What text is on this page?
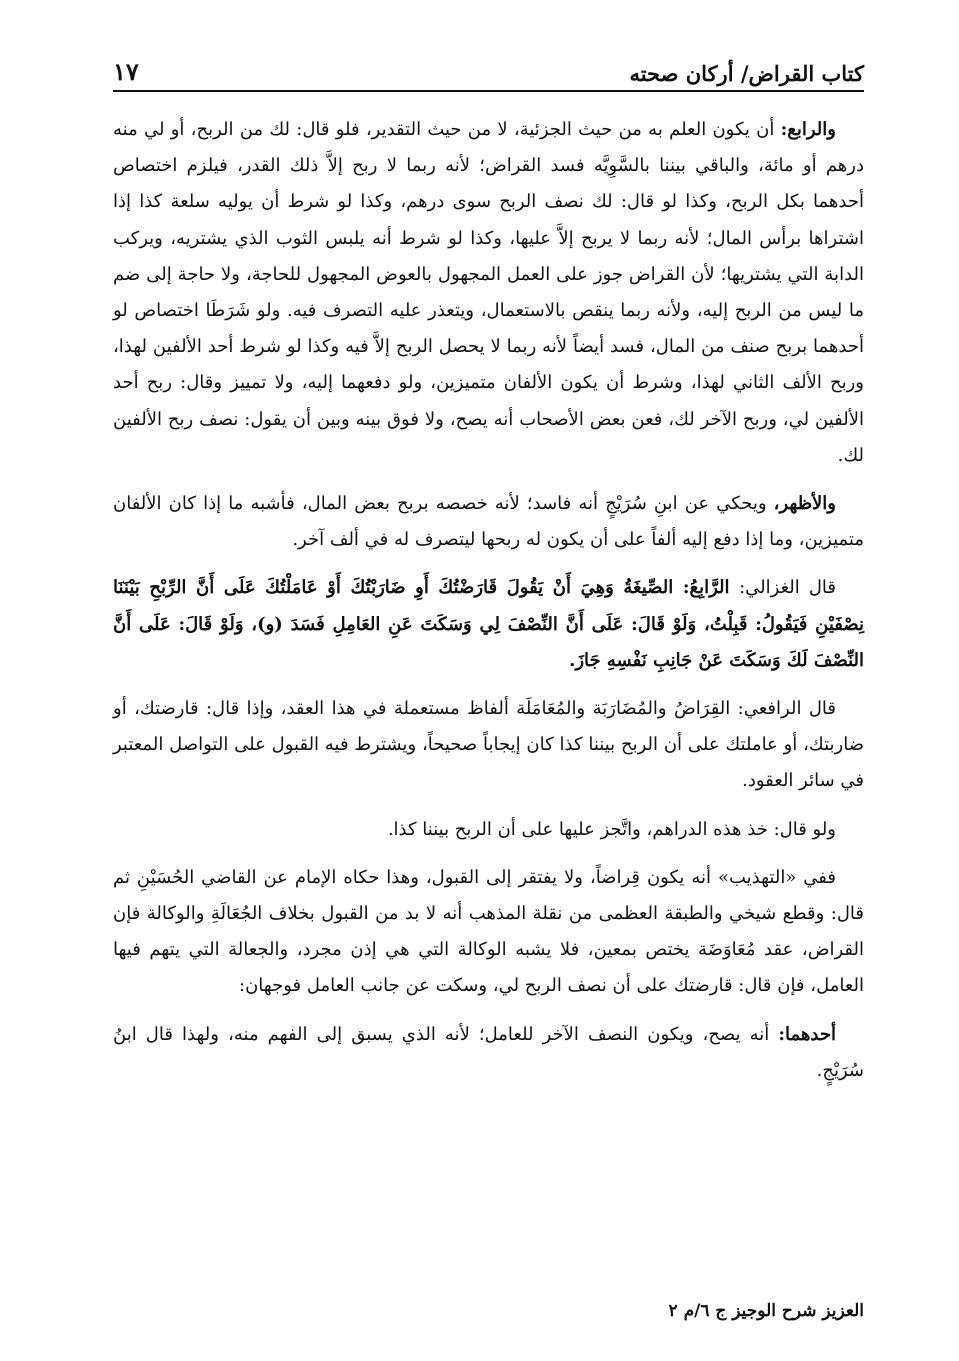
كتاب القراض/ أركان صحته
١٧

والرابع: أن يكون العلم به من حيث الجزئية، لا من حيث التقدير، فلو قال: لك من الربح، أو لي منه درهم أو مائة، والباقي بيننا بالسَّوِيَّه فسد القراض؛ لأنه ربما لا ربح إلاَّ ذلك القدر، فيلزم اختصاص أحدهما بكل الربح، وكذا لو قال: لك نصف الربح سوى درهم، وكذا لو شرط أن يوليه سلعة كذا إذا اشتراها برأس المال؛ لأنه ربما لا يربح إلاَّ عليها، وكذا لو شرط أنه يلبس الثوب الذي يشتريه، ويركب الدابة التي يشتريها؛ لأن القراض جوز على العمل المجهول بالعوض المجهول للحاجة، ولا حاجة إلى ضم ما ليس من الربح إليه، ولأنه ربما ينقص بالاستعمال، ويتعذر عليه التصرف فيه. ولو شَرَطَا اختصاص لو أحدهما بربح صنف من المال، فسد أيضاً لأنه ربما لا يحصل الربح إلاَّ فيه وكذا لو شرط أحد الألفين لهذا، وربح الألف الثاني لهذا، وشرط أن يكون الألفان متميزين، ولو دفعهما إليه، ولا تمييز وقال: ربح أحد الألفين لي، وربح الآخر لك، فعن بعض الأصحاب أنه يصح، ولا فوق بينه وبين أن يقول: نصف ربح الألفين لك.

والأظهر، ويحكي عن ابنِ سُرَيْجٍ أنه فاسد؛ لأنه خصصه بربح بعض المال، فأشبه ما إذا كان الألفان متميزين، وما إذا دفع إليه ألفاً على أن يكون له ربحها ليتصرف له في ألف آخر.

قال الغزالي: الرَّابِعُ: الصِّيغَةُ وَهِيَ أَنْ يَقُولَ قَارَضْتُكَ أَوِ ضَارَبْتُكَ أَوْ عَامَلْتُكَ عَلَى أَنَّ الرِّبْحِ بَيْنَنَا نِصْفَيْنِ فَيَقُولُ: قَبِلْتُ، وَلَوْ قَالَ: عَلَى أَنَّ النِّصْفَ لِي وَسَكَتَ عَنِ العَامِلِ فَسَدَ (و)، وَلَوْ قَالَ: عَلَى أَنَّ النِّصْفَ لَكَ وَسَكَتَ عَنْ جَانِبِ نَفْسِهِ جَازَ.

قال الرافعي: القِرَاضُ والمُضَارَبَة والمُعَامَلَة ألفاظ مستعملة في هذا العقد، وإذا قال: قارضتك، أو ضاربتك، أو عاملتك على أن الربح بيننا كذا كان إيجاباً صحيحاً، ويشترط فيه القبول على التواصل المعتبر في سائر العقود.

ولو قال: خذ هذه الدراهم، واتَّجز عليها على أن الربح بيننا كذا.

ففي «التهذيب» أنه يكون قِراضاً، ولا يفتقر إلى القبول، وهذا حكاه الإمام عن القاضي الحُسَيْنِ ثم قال: وقطع شيخي والطبقة العظمى من نقلة المذهب أنه لا بد من القبول بخلاف الجُعَالَةِ والوكالة فإن القراض، عقد مُعَاوَضَة يختص بمعين، فلا يشبه الوكالة التي هي إذن مجرد، والجعالة التي يتهم فيها العامل، فإن قال: قارضتك على أن نصف الربح لي، وسكت عن جانب العامل فوجهان:

أحدهما: أنه يصح، ويكون النصف الآخر للعامل؛ لأنه الذي يسبق إلى الفهم منه، ولهذا قال ابنُ سُرَيْجٍ.

العزيز شرح الوجيز ج ٦/م ٢
